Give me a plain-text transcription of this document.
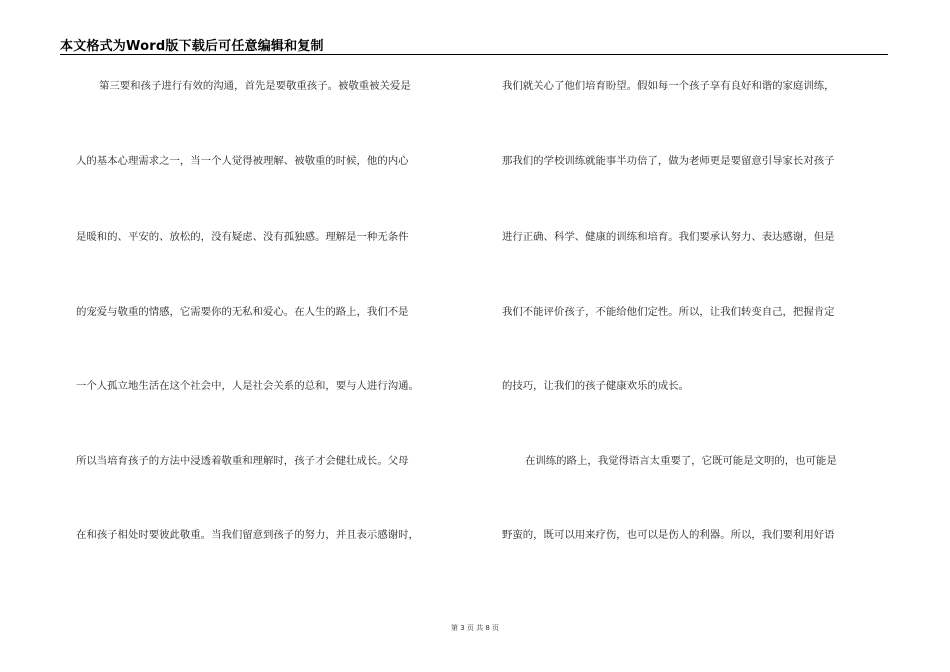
本文格式为Word版下载后可任意编辑和复制
第三要和孩子进行有效的沟通，首先是要敬重孩子。被敬重被关爱是
人的基本心理需求之一，当一个人觉得被理解、被敬重的时候，他的内心
是暖和的、平安的、放松的，没有疑虑、没有孤独感。理解是一种无条件
的宠爱与敬重的情感，它需要你的无私和爱心。在人生的路上，我们不是
一个人孤立地生活在这个社会中，人是社会关系的总和，要与人进行沟通。
所以当培育孩子的方法中浸透着敬重和理解时，孩子才会健壮成长。父母
在和孩子相处时要彼此敬重。当我们留意到孩子的努力，并且表示感谢时，
我们就关心了他们培育盼望。假如每一个孩子享有良好和谐的家庭训练，
那我们的学校训练就能事半功倍了，做为老师更是要留意引导家长对孩子
进行正确、科学、健康的训练和培育。我们要承认努力、表达感谢，但是
我们不能评价孩子，不能给他们定性。所以，让我们转变自己，把握肯定
的技巧，让我们的孩子健康欢乐的成长。
在训练的路上，我觉得语言太重要了，它既可能是文明的，也可能是
野蛮的，既可以用来疗伤，也可以是伤人的利器。所以，我们要利用好语
第 3 页 共 8 页
